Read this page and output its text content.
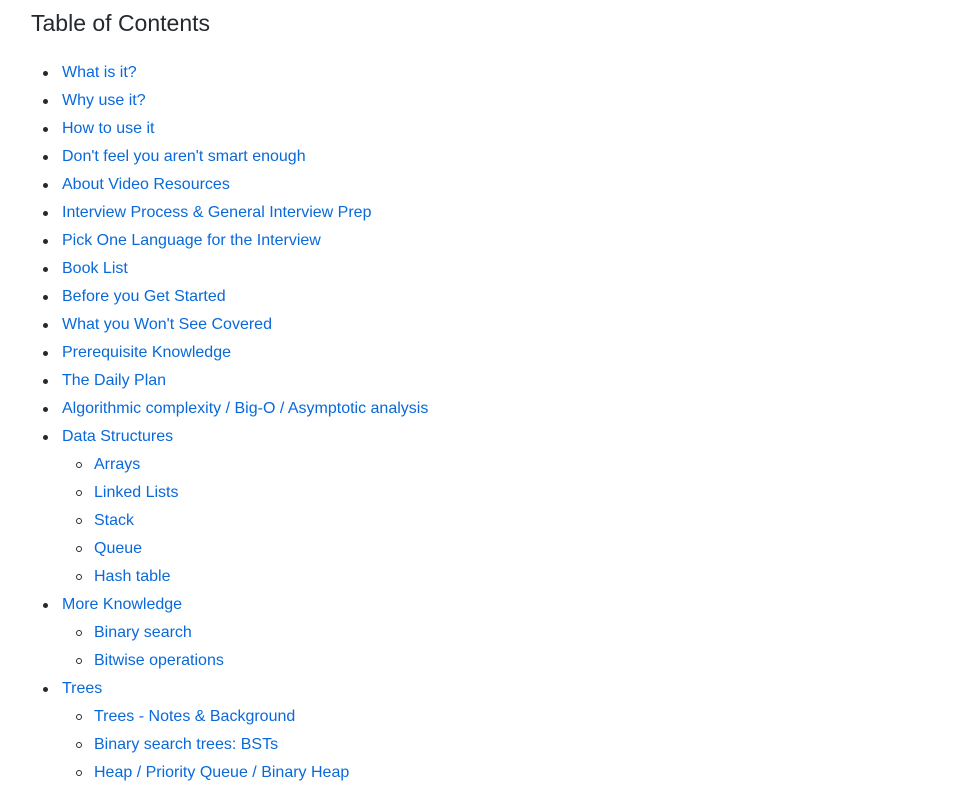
Table of Contents
What is it?
Why use it?
How to use it
Don't feel you aren't smart enough
About Video Resources
Interview Process & General Interview Prep
Pick One Language for the Interview
Book List
Before you Get Started
What you Won't See Covered
Prerequisite Knowledge
The Daily Plan
Algorithmic complexity / Big-O / Asymptotic analysis
Data Structures
Arrays
Linked Lists
Stack
Queue
Hash table
More Knowledge
Binary search
Bitwise operations
Trees
Trees - Notes & Background
Binary search trees: BSTs
Heap / Priority Queue / Binary Heap
